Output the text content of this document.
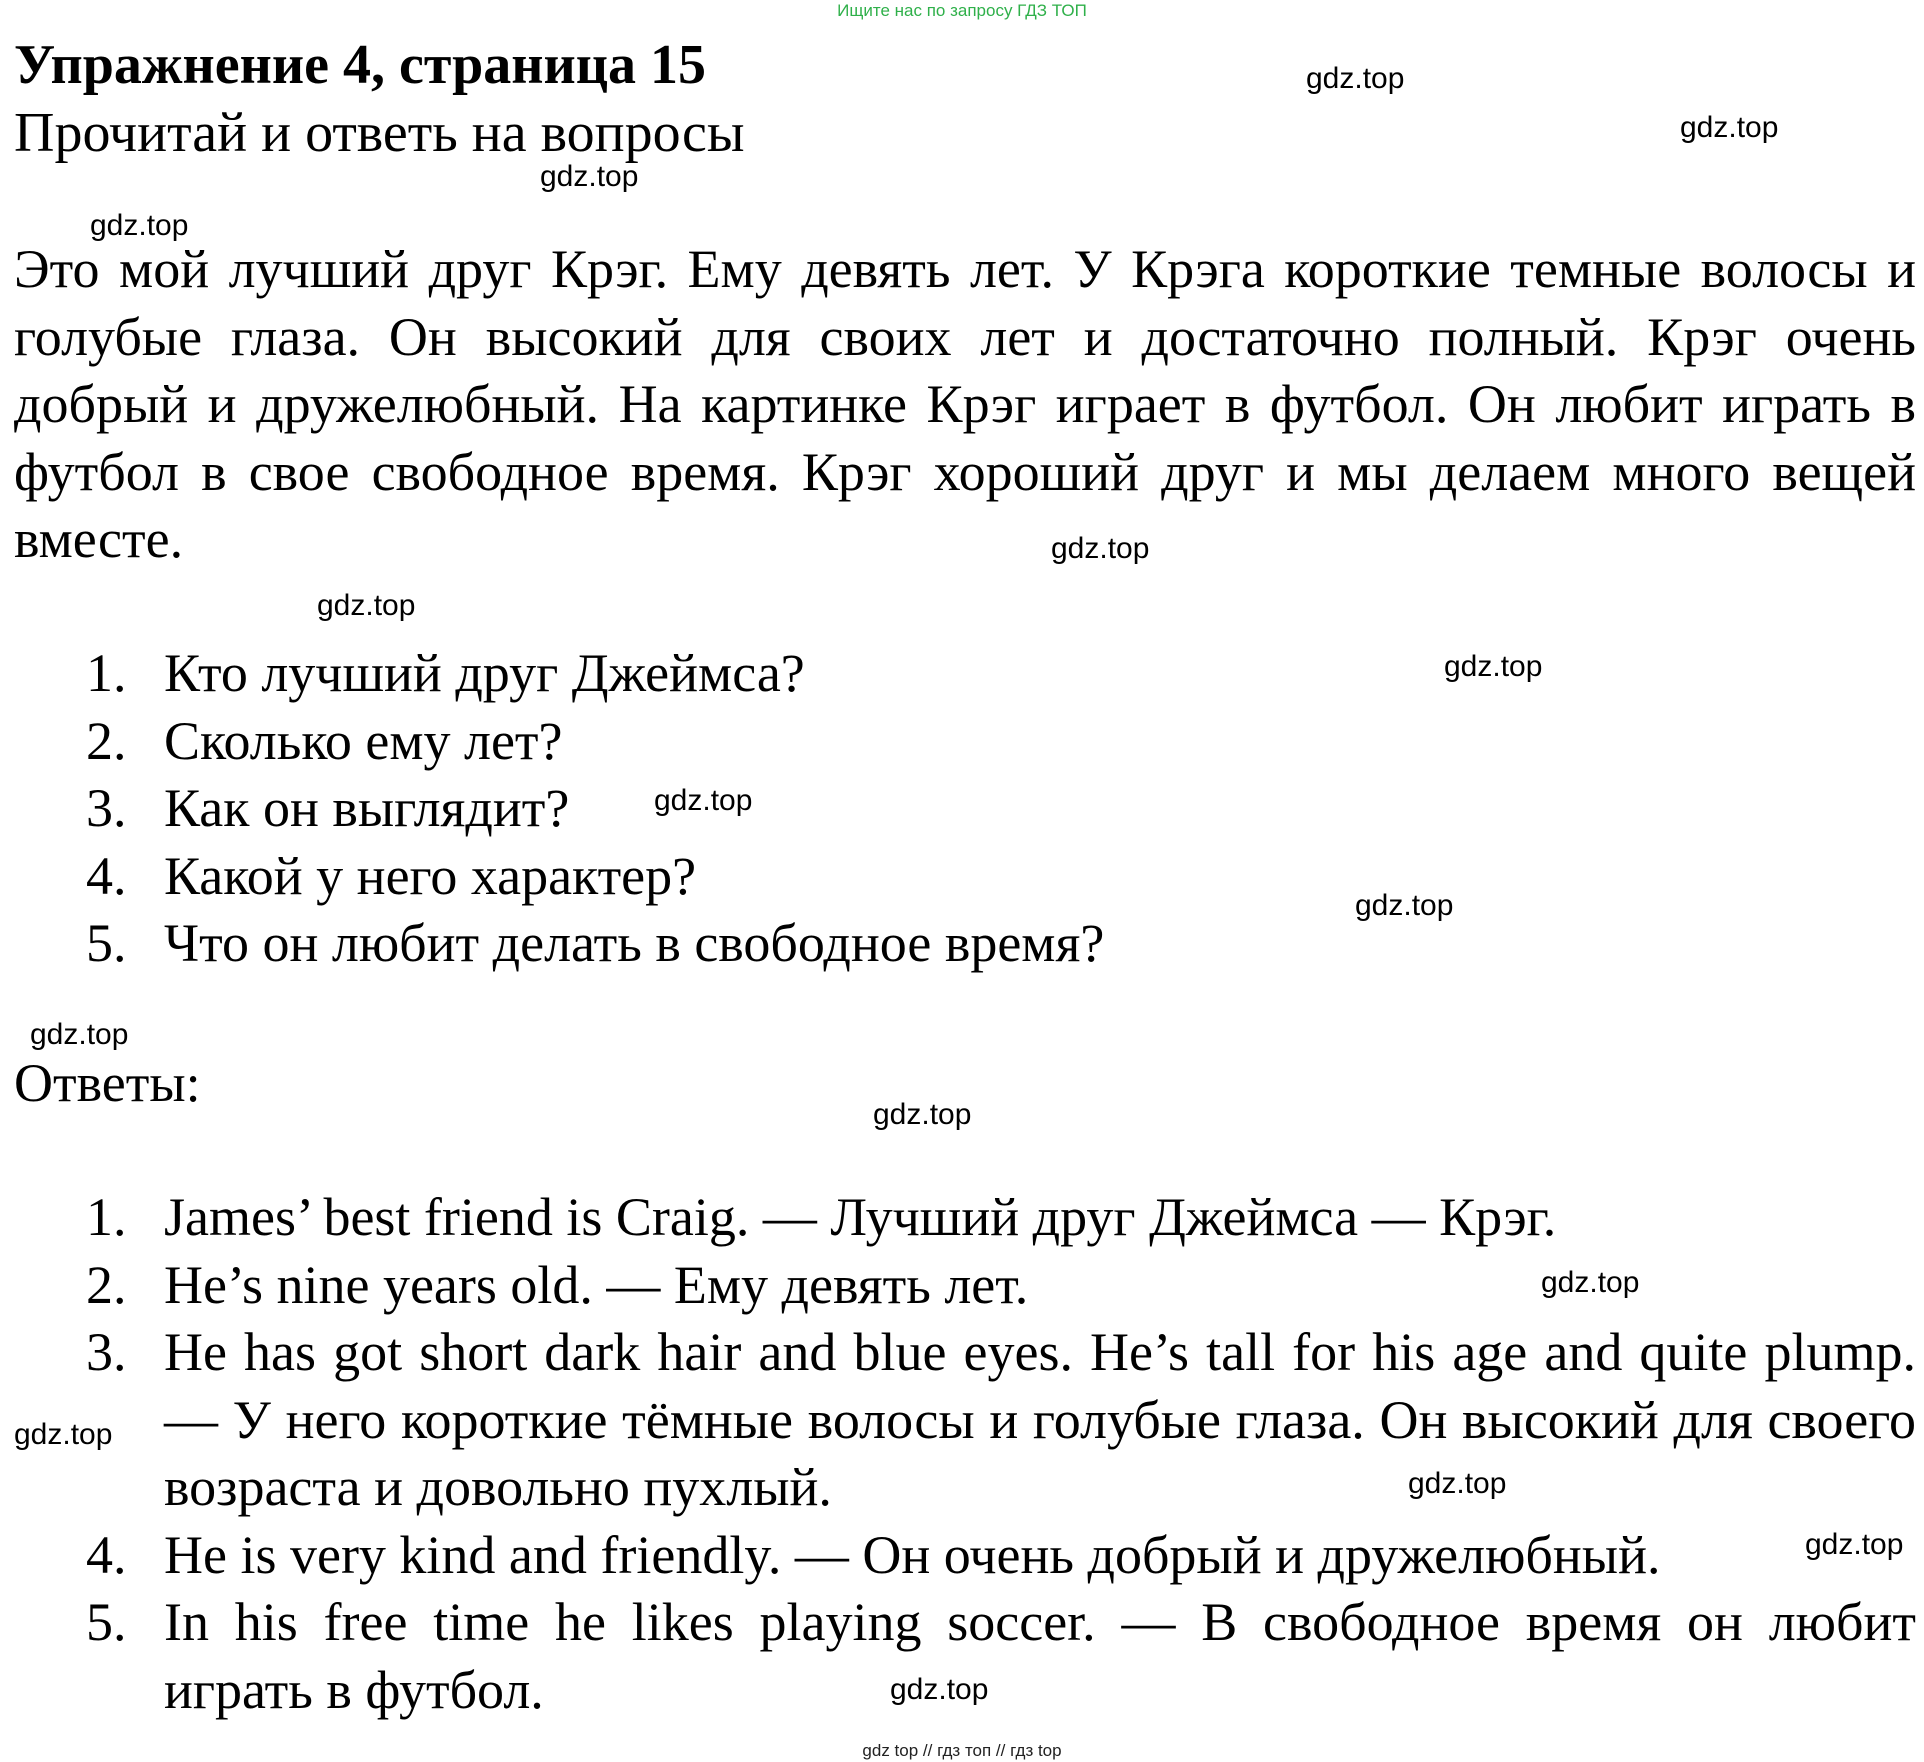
Ищите нас по запросу ГДЗ ТОП
Упражнение 4, страница 15
Прочитай и ответь на вопросы
Это мой лучший друг Крэг. Ему девять лет. У Крэга короткие темные волосы и голубые глаза. Он высокий для своих лет и достаточно полный. Крэг очень добрый и дружелюбный. На картинке Крэг играет в футбол. Он любит играть в футбол в свое свободное время. Крэг хороший друг и мы делаем много вещей вместе.
1. Кто лучший друг Джеймса?
2. Сколько ему лет?
3. Как он выглядит?
4. Какой у него характер?
5. Что он любит делать в свободное время?
Ответы:
1. James’ best friend is Craig. — Лучший друг Джеймса — Крэг.
2. He’s nine years old. — Ему девять лет.
3. He has got short dark hair and blue eyes. He’s tall for his age and quite plump. — У него короткие тёмные волосы и голубые глаза. Он высокий для своего возраста и довольно пухлый.
4. He is very kind and friendly. — Он очень добрый и дружелюбный.
5. In his free time he likes playing soccer. — В свободное время он любит играть в футбол.
gdz.top
gdz.top
gdz.top
gdz.top
gdz.top
gdz.top
gdz.top
gdz.top
gdz.top
gdz.top
gdz.top
gdz.top
gdz.top
gdz.top
gdz.top
gdz.top
gdz top // гдз топ // гдз top
